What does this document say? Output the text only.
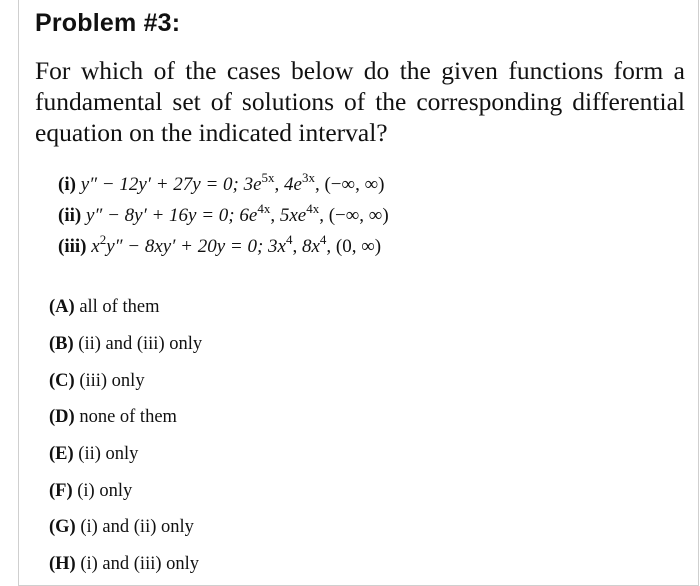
Problem #3:
For which of the cases below do the given functions form a
fundamental set of solutions of the corresponding differential
equation on the indicated interval?
(i) y″ − 12y′ + 27y = 0; $3e^{5x}$, $4e^{3x}$, (−∞, ∞)
(ii) y″ − 8y′ + 16y = 0; $6e^{4x}$, $5xe^{4x}$, (−∞, ∞)
(iii) $x^2y'' - 8xy' + 20y = 0$; $3x^4$, $8x^4$, (0, ∞)
(A) all of them
(B) (ii) and (iii) only
(C) (iii) only
(D) none of them
(E) (ii) only
(F) (i) only
(G) (i) and (ii) only
(H) (i) and (iii) only
